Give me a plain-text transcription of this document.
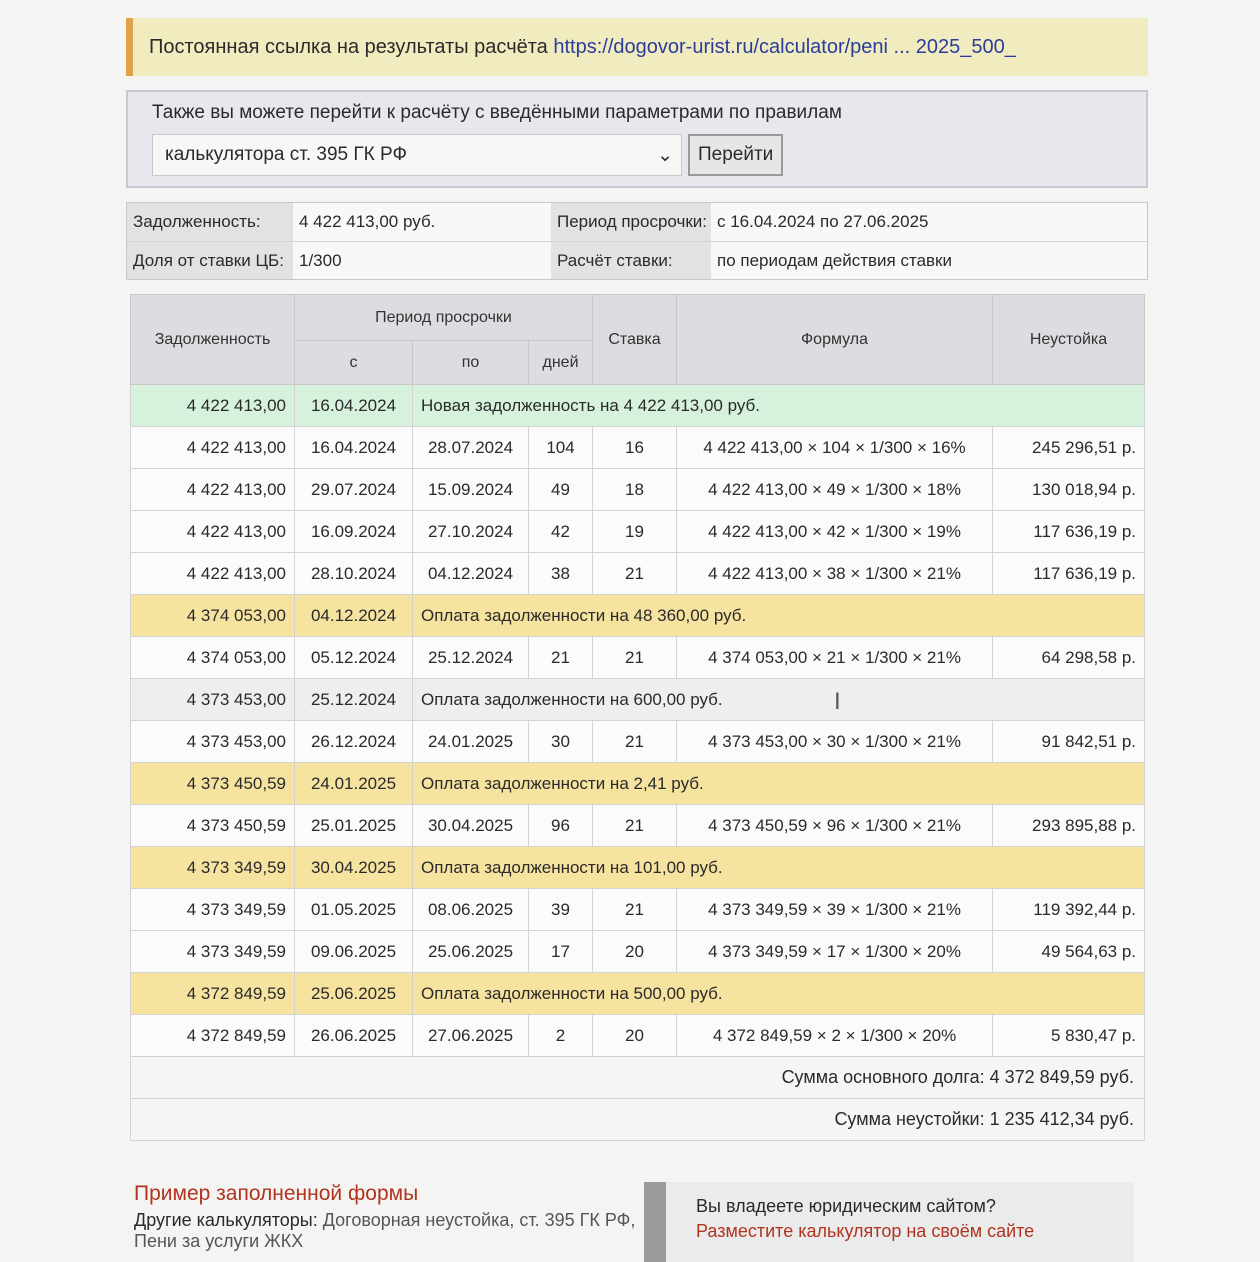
Постоянная ссылка на результаты расчёта https://dogovor-urist.ru/calculator/peni ... 2025_500_
Также вы можете перейти к расчёту с введёнными параметрами по правилам
калькулятора ст. 395 ГК РФ	⌄	Перейти
Задолженность:	4 422 413,00 руб.	Период просрочки: с 16.04.2024 по 27.06.2025
Доля от ставки ЦБ: 1/300	Расчёт ставки:	по периодам действия ставки
Задолженность	Период просрочки			Ставка	Формула	Неустойка
	с	по	дней			
4 422 413,00	16.04.2024	Новая задолженность на 4 422 413,00 руб.				
4 422 413,00	16.04.2024	28.07.2024	104	16	4 422 413,00 × 104 × 1/300 × 16%	245 296,51 р.
4 422 413,00	29.07.2024	15.09.2024	49	18	4 422 413,00 × 49 × 1/300 × 18%	130 018,94 р.
4 422 413,00	16.09.2024	27.10.2024	42	19	4 422 413,00 × 42 × 1/300 × 19%	117 636,19 р.
4 422 413,00	28.10.2024	04.12.2024	38	21	4 422 413,00 × 38 × 1/300 × 21%	117 636,19 р.
4 374 053,00	04.12.2024	Оплата задолженности на 48 360,00 руб.				
4 374 053,00	05.12.2024	25.12.2024	21	21	4 374 053,00 × 21 × 1/300 × 21%	64 298,58 р.
4 373 453,00	25.12.2024	Оплата задолженности на 600,00 руб.				
4 373 453,00	26.12.2024	24.01.2025	30	21	4 373 453,00 × 30 × 1/300 × 21%	91 842,51 р.
4 373 450,59	24.01.2025	Оплата задолженности на 2,41 руб.				
4 373 450,59	25.01.2025	30.04.2025	96	21	4 373 450,59 × 96 × 1/300 × 21%	293 895,88 р.
4 373 349,59	30.04.2025	Оплата задолженности на 101,00 руб.				
4 373 349,59	01.05.2025	08.06.2025	39	21	4 373 349,59 × 39 × 1/300 × 21%	119 392,44 р.
4 373 349,59	09.06.2025	25.06.2025	17	20	4 373 349,59 × 17 × 1/300 × 20%	49 564,63 р.
4 372 849,59	25.06.2025	Оплата задолженности на 500,00 руб.				
4 372 849,59	26.06.2025	27.06.2025	2	20	4 372 849,59 × 2 × 1/300 × 20%	5 830,47 р.
Сумма основного долга: 4 372 849,59 руб.						
Сумма неустойки: 1 235 412,34 руб.						
I
Пример заполненной формы
Другие калькуляторы: Договорная неустойка, ст. 395 ГК РФ, Пени за услуги ЖКХ
Вы владеете юридическим сайтом?
Разместите калькулятор на своём сайте
